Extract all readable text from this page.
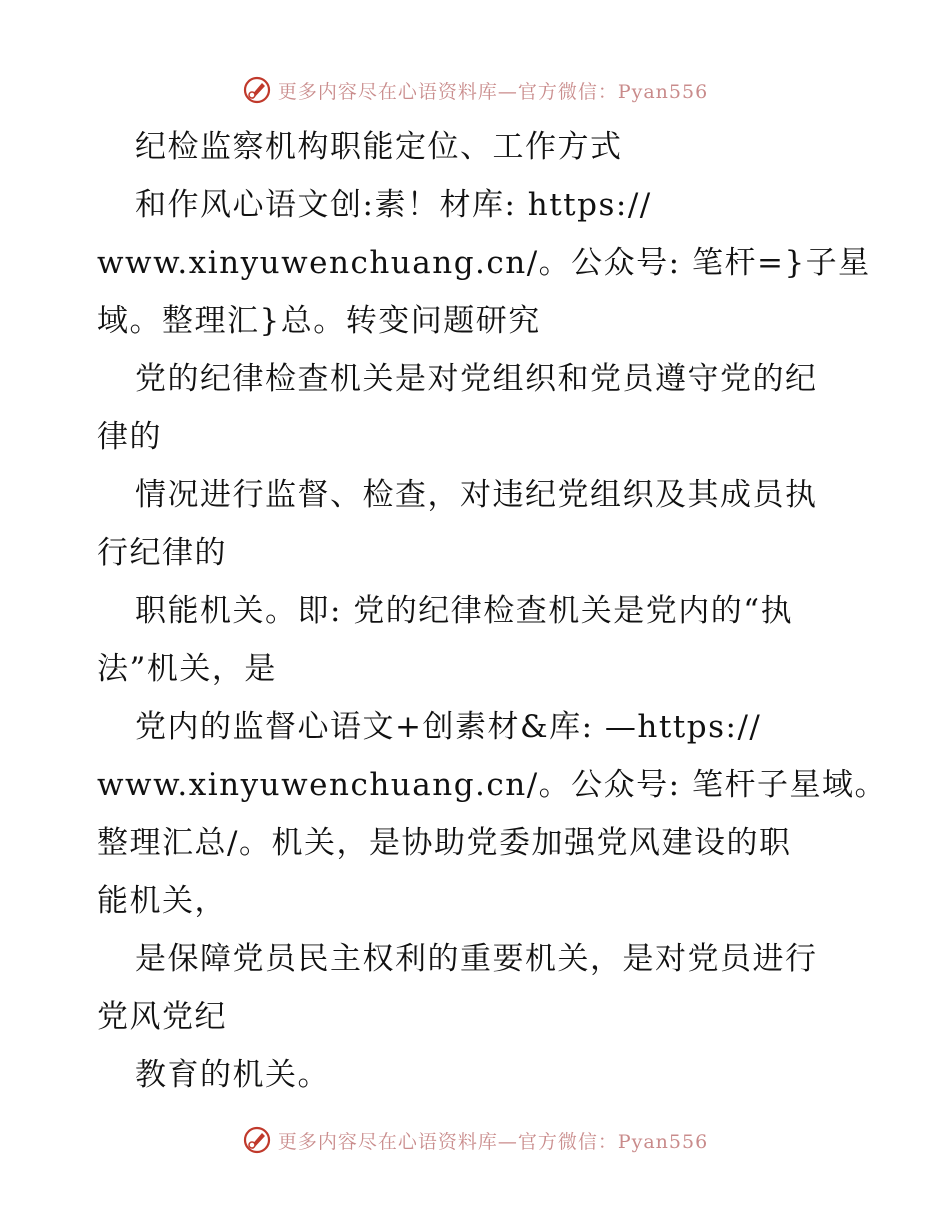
更多内容尽在心语资料库—官方微信：Pyan556
纪检监察机构职能定位、工作方式
和作风心语文创:素！材库: https://
www.xinyuwenchuang.cn/。公众号: 笔杆=}子星
域。整理汇}总。转变问题研究
党的纪律检查机关是对党组织和党员遵守党的纪
律的
情况进行监督、检查，对违纪党组织及其成员执
行纪律的
职能机关。即: 党的纪律检查机关是党内的“执
法”机关，是
党内的监督心语文+创素材&库: —https://
www.xinyuwenchuang.cn/。公众号: 笔杆子星域。
整理汇总/。机关，是协助党委加强党风建设的职
能机关，
是保障党员民主权利的重要机关，是对党员进行
党风党纪
教育的机关。
更多内容尽在心语资料库—官方微信：Pyan556
